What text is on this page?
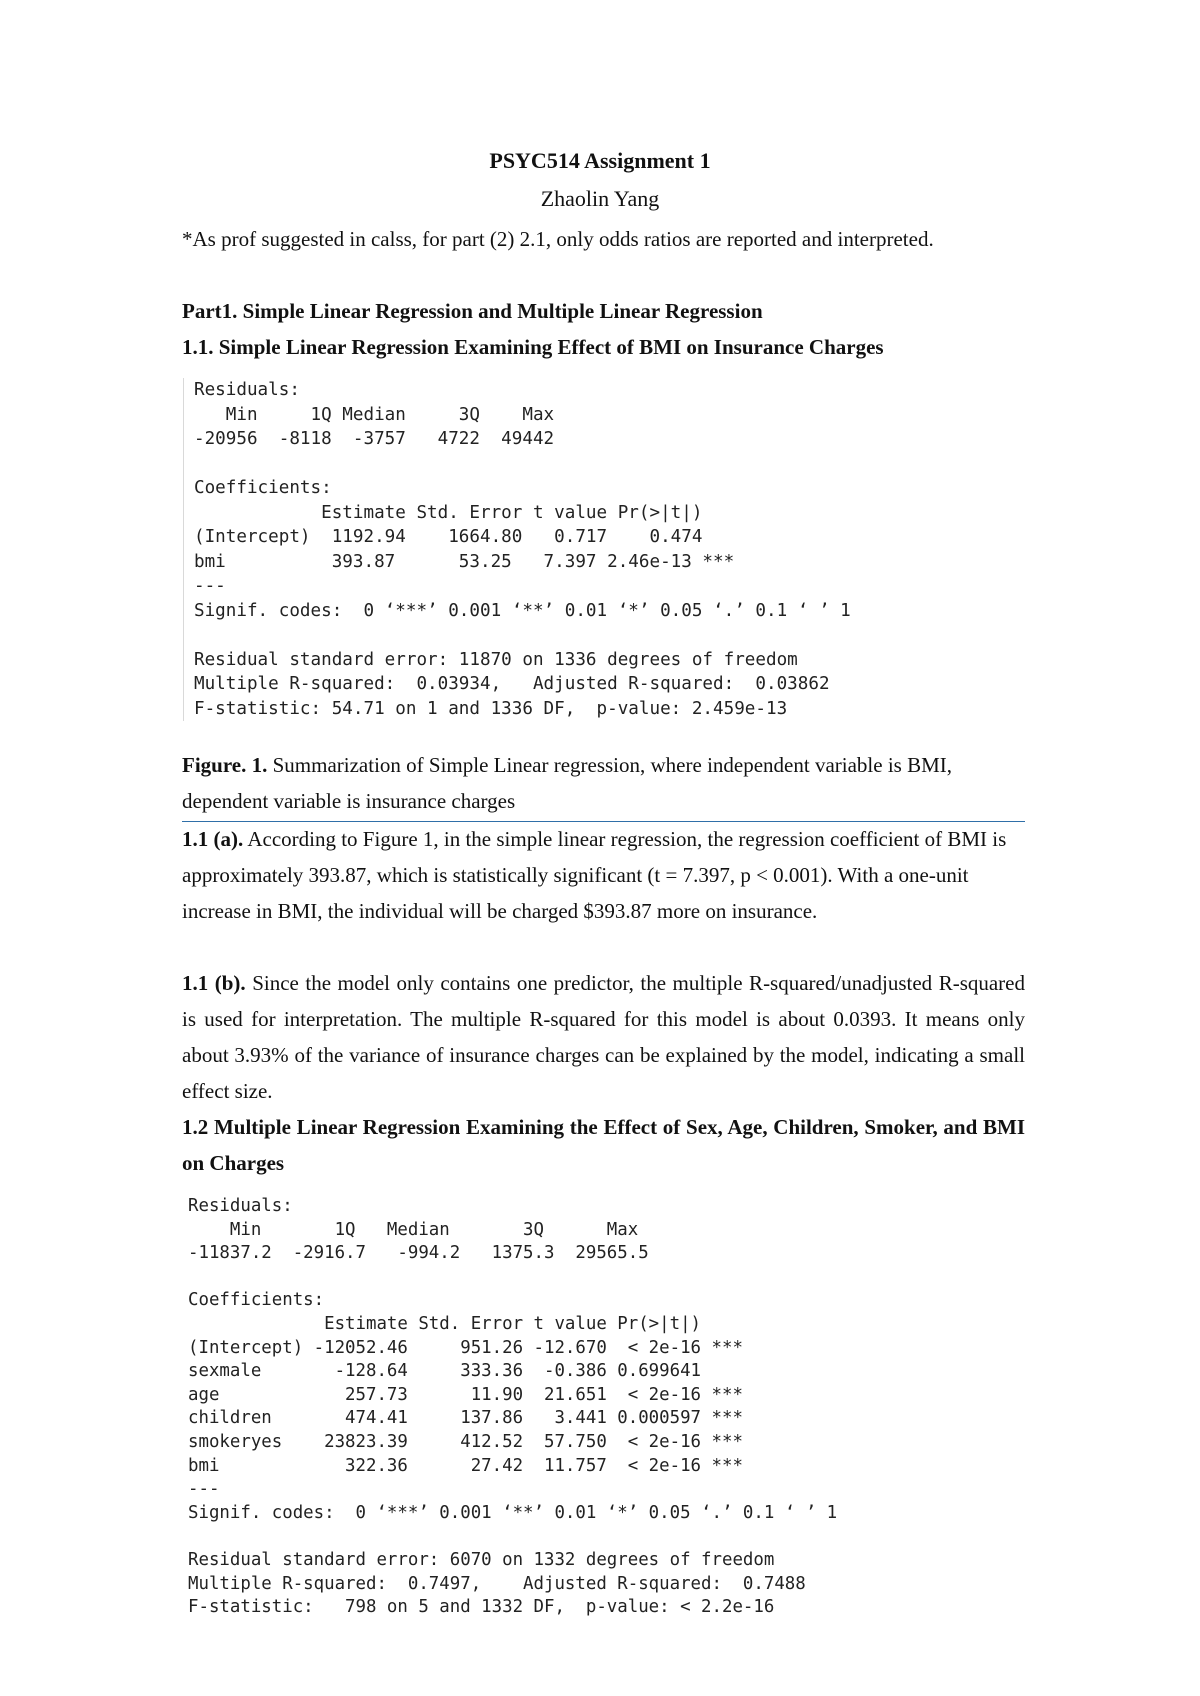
PSYC514 Assignment 1
Zhaolin Yang
*As prof suggested in calss, for part (2) 2.1, only odds ratios are reported and interpreted.
Part1. Simple Linear Regression and Multiple Linear Regression
1.1. Simple Linear Regression Examining Effect of BMI on Insurance Charges
Residuals:
Min     1Q Median     3Q    Max
-20956  -8118  -3757   4722  49442

Coefficients:
Estimate Std. Error t value Pr(>|t|)
(Intercept)  1192.94    1664.80   0.717    0.474
bmi          393.87      53.25   7.397 2.46e-13 ***
---
Signif. codes:  0 ‘***’ 0.001 ‘**’ 0.01 ‘*’ 0.05 ‘.’ 0.1 ‘ ’ 1

Residual standard error: 11870 on 1336 degrees of freedom
Multiple R-squared:  0.03934,   Adjusted R-squared:  0.03862
F-statistic: 54.71 on 1 and 1336 DF,  p-value: 2.459e-13
Figure. 1. Summarization of Simple Linear regression, where independent variable is BMI, dependent variable is insurance charges
1.1 (a). According to Figure 1, in the simple linear regression, the regression coefficient of BMI is approximately 393.87, which is statistically significant (t = 7.397, p < 0.001). With a one-unit increase in BMI, the individual will be charged $393.87 more on insurance.
1.1 (b). Since the model only contains one predictor, the multiple R-squared/unadjusted R-squared is used for interpretation. The multiple R-squared for this model is about 0.0393. It means only about 3.93% of the variance of insurance charges can be explained by the model, indicating a small effect size.
1.2 Multiple Linear Regression Examining the Effect of Sex, Age, Children, Smoker, and BMI on Charges
Residuals:
Min       1Q   Median       3Q      Max
-11837.2  -2916.7   -994.2   1375.3  29565.5

Coefficients:
Estimate Std. Error t value Pr(>|t|)
(Intercept) -12052.46     951.26 -12.670  < 2e-16 ***
sexmale       -128.64     333.36  -0.386 0.699641
age            257.73      11.90  21.651  < 2e-16 ***
children       474.41     137.86   3.441 0.000597 ***
smokeryes    23823.39     412.52  57.750  < 2e-16 ***
bmi            322.36      27.42  11.757  < 2e-16 ***
---
Signif. codes:  0 ‘***’ 0.001 ‘**’ 0.01 ‘*’ 0.05 ‘.’ 0.1 ‘ ’ 1

Residual standard error: 6070 on 1332 degrees of freedom
Multiple R-squared:  0.7497,    Adjusted R-squared:  0.7488
F-statistic:   798 on 5 and 1332 DF,  p-value: < 2.2e-16
